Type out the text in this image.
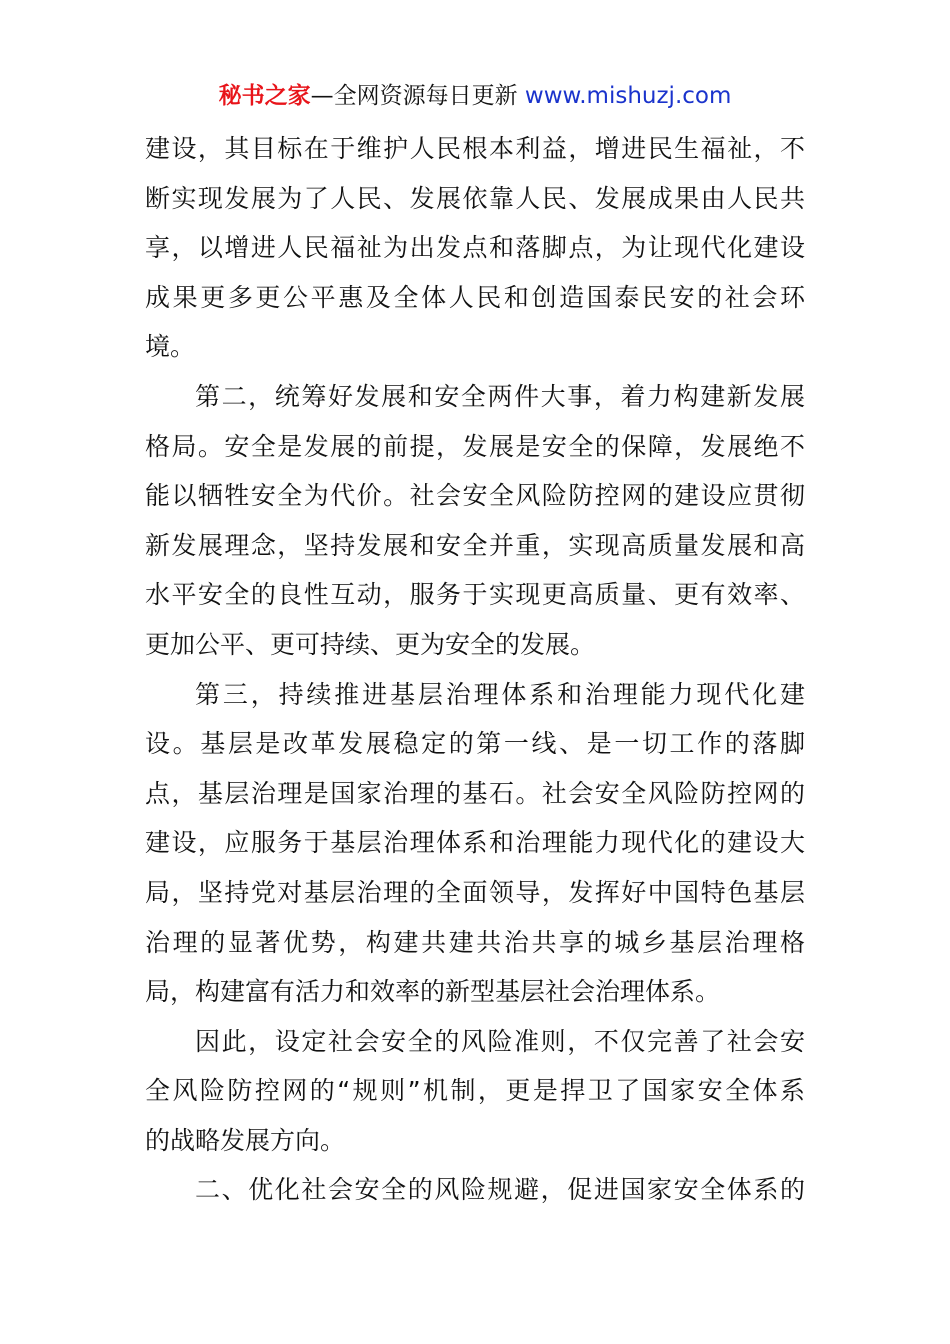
秘书之家—全网资源每日更新 www.mishuzj.com
建设，其目标在于维护人民根本利益，增进民生福祉，不
断实现发展为了人民、发展依靠人民、发展成果由人民共
享，以增进人民福祉为出发点和落脚点，为让现代化建设
成果更多更公平惠及全体人民和创造国泰民安的社会环
境。
第二，统筹好发展和安全两件大事，着力构建新发展
格局。安全是发展的前提，发展是安全的保障，发展绝不
能以牺牲安全为代价。社会安全风险防控网的建设应贯彻
新发展理念，坚持发展和安全并重，实现高质量发展和高
水平安全的良性互动，服务于实现更高质量、更有效率、
更加公平、更可持续、更为安全的发展。
第三，持续推进基层治理体系和治理能力现代化建
设。基层是改革发展稳定的第一线、是一切工作的落脚
点，基层治理是国家治理的基石。社会安全风险防控网的
建设，应服务于基层治理体系和治理能力现代化的建设大
局，坚持党对基层治理的全面领导，发挥好中国特色基层
治理的显著优势，构建共建共治共享的城乡基层治理格
局，构建富有活力和效率的新型基层社会治理体系。
因此，设定社会安全的风险准则，不仅完善了社会安
全风险防控网的“规则”机制，更是捍卫了国家安全体系
的战略发展方向。
二、优化社会安全的风险规避，促进国家安全体系的
